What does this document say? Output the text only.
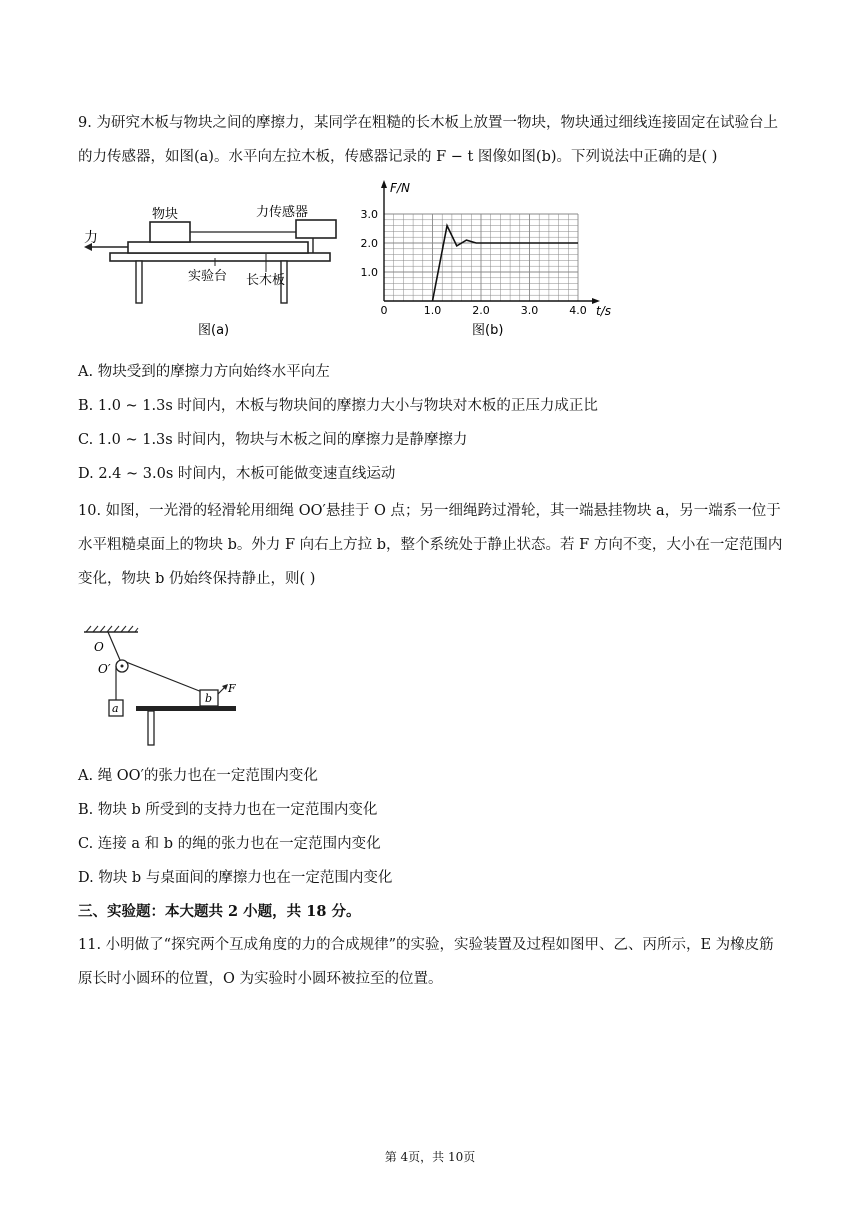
9. 为研究木板与物块之间的摩擦力，某同学在粗糙的长木板上放置一物块，物块通过细线连接固定在试验台上的力传感器，如图(a)。水平向左拉木板，传感器记录的 F − t 图像如图(b)。下列说法中正确的是( )
力
物块	力传感器
实验台 长木板
图(a)
F/N
t/s
0	1.0	2.0	3.0	4.0
1.0
2.0
3.0
图(b)
A. 物块受到的摩擦力方向始终水平向左
B. 1.0 ~ 1.3s 时间内，木板与物块间的摩擦力大小与物块对木板的正压力成正比
C. 1.0 ~ 1.3s 时间内，物块与木板之间的摩擦力是静摩擦力
D. 2.4 ~ 3.0s 时间内，木板可能做变速直线运动
10. 如图，一光滑的轻滑轮用细绳 OO′悬挂于 O 点；另一细绳跨过滑轮，其一端悬挂物块 a，另一端系一位于水平粗糙桌面上的物块 b。外力 F 向右上方拉 b，整个系统处于静止状态。若 F 方向不变，大小在一定范围内变化，物块 b 仍始终保持静止，则( )
O
O′
a
b
F
A. 绳 OO′的张力也在一定范围内变化
B. 物块 b 所受到的支持力也在一定范围内变化
C. 连接 a 和 b 的绳的张力也在一定范围内变化
D. 物块 b 与桌面间的摩擦力也在一定范围内变化
三、实验题：本大题共 2 小题，共 18 分。
11. 小明做了“探究两个互成角度的力的合成规律”的实验，实验装置及过程如图甲、乙、丙所示，E 为橡皮筋原长时小圆环的位置，O 为实验时小圆环被拉至的位置。
第 4页，共 10页
